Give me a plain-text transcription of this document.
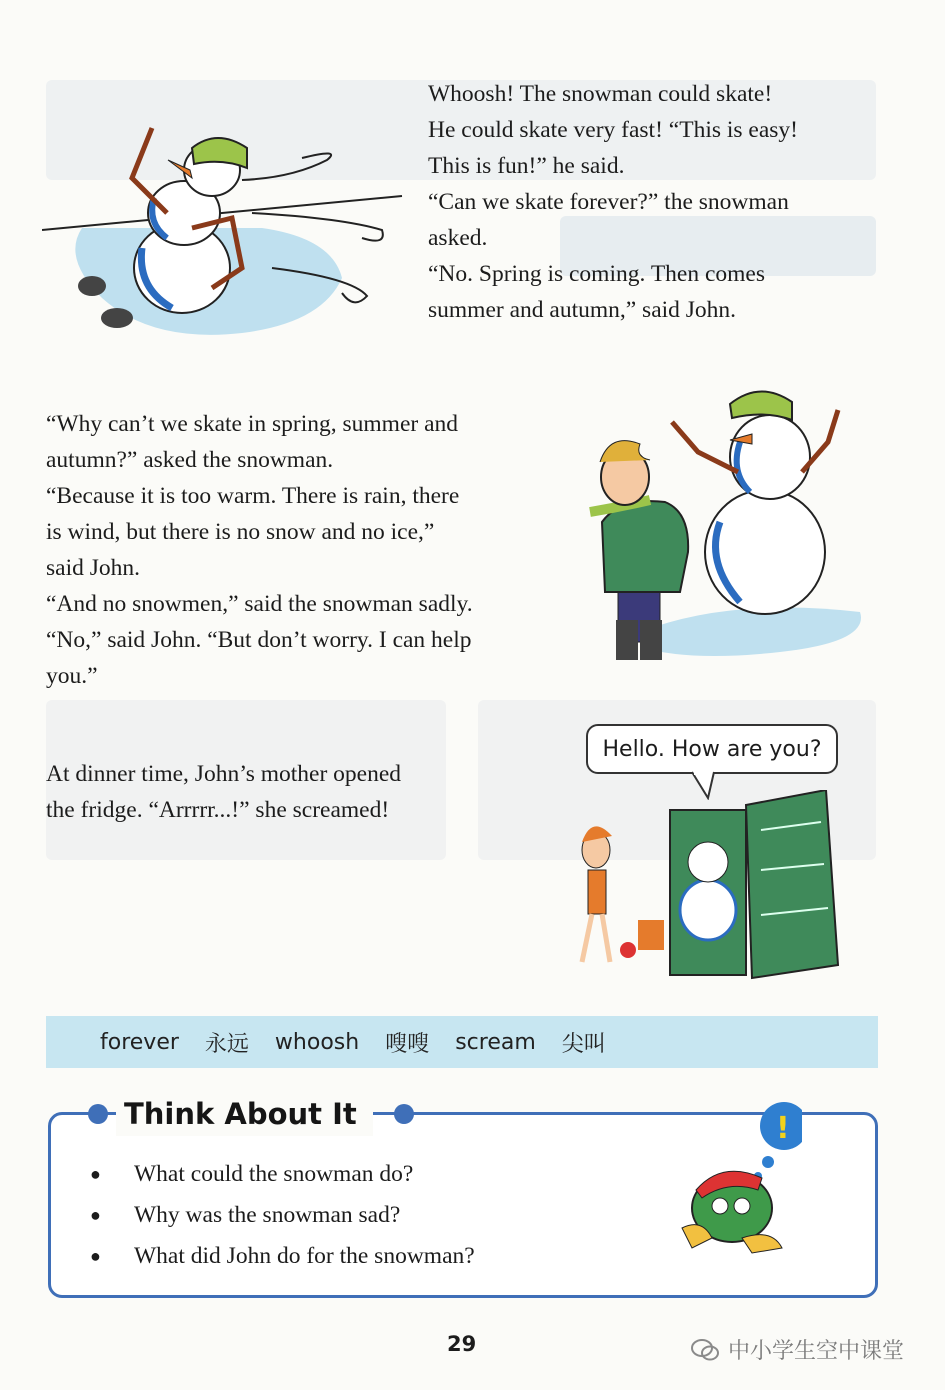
Whoosh! The snowman could skate!

He could skate very fast! “This is easy!

This is fun!” he said.

“Can we skate forever?” the snowman

asked.

“No. Spring is coming. Then comes

summer and autumn,” said John.

“Why can’t we skate in spring, summer and

autumn?” asked the snowman.

“Because it is too warm. There is rain, there

is wind, but there is no snow and no ice,”

said John.

“And no snowmen,” said the snowman sadly.

“No,” said John. “But don’t worry. I can help

you.”

At dinner time, John’s mother opened

the fridge. “Arrrrr...!” she screamed!

Hello. How are you?
forever 永远 whoosh 嗖嗖 scream 尖叫
Think About It
●	What could the snowman do?
●	Why was the snowman sad?
●	What did John do for the snowman?
!
29	中小学生空中课堂
